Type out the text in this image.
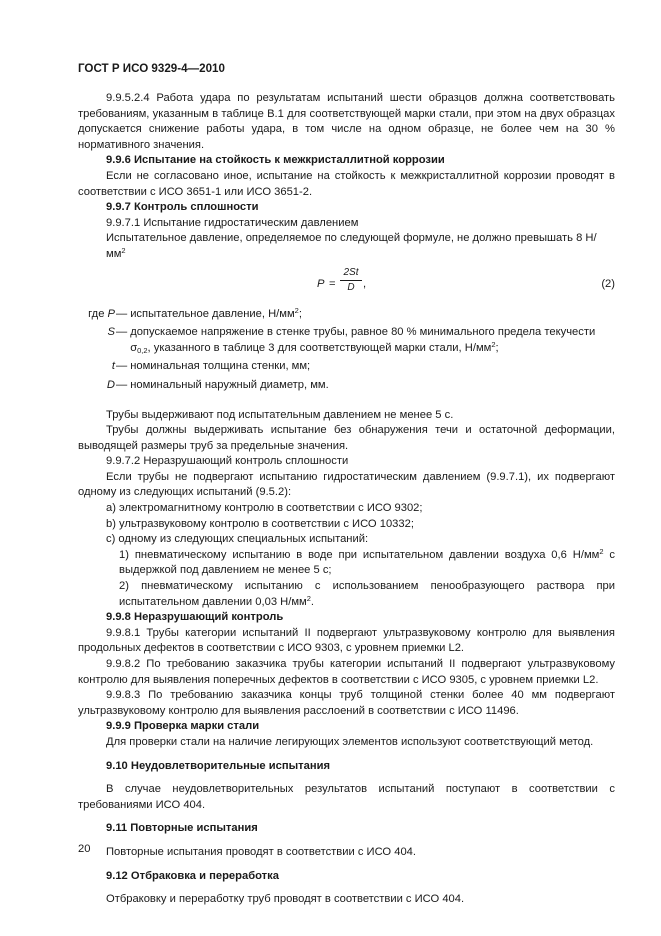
ГОСТ Р ИСО 9329-4—2010

9.9.5.2.4 Работа удара по результатам испытаний шести образцов должна соответствовать требованиям, указанным в таблице В.1 для соответствующей марки стали, при этом на двух образцах допускается снижение работы удара, в том числе на одном образце, не более чем на 30 % нормативного значения.

9.9.6 Испытание на стойкость к межкристаллитной коррозии

Если не согласовано иное, испытание на стойкость к межкристаллитной коррозии проводят в соответствии с ИСО 3651-1 или ИСО 3651-2.

9.9.7 Контроль сплошности

9.9.7.1 Испытание гидростатическим давлением

Испытательное давление, определяемое по следующей формуле, не должно превышать 8 $Н/мм^2$

$P = \frac{2St}{D}$ ,	(2)
где P — испытательное давление, $Н/мм^2$;
S — допускаемое напряжение в стенке трубы, равное 80 % минимального предела текучести $\sigma_{0,2}$, указанного в таблице 3 для соответствующей марки стали, $Н/мм^2$;
t — номинальная толщина стенки, мм;
D — номинальный наружный диаметр, мм.

Трубы выдерживают под испытательным давлением не менее 5 с.

Трубы должны выдерживать испытание без обнаружения течи и остаточной деформации, выводящей размеры труб за предельные значения.

9.9.7.2 Неразрушающий контроль сплошности

Если трубы не подвергают испытанию гидростатическим давлением (9.9.7.1), их подвергают одному из следующих испытаний (9.5.2):

a) электромагнитному контролю в соответствии с ИСО 9302;

b) ультразвуковому контролю в соответствии с ИСО 10332;

c) одному из следующих специальных испытаний:

1) пневматическому испытанию в воде при испытательном давлении воздуха 0,6 $Н/мм^2$ с выдержкой под давлением не менее 5 с;

2) пневматическому испытанию с использованием пенообразующего раствора при испытательном давлении 0,03 $Н/мм^2$.

9.9.8 Неразрушающий контроль

9.9.8.1 Трубы категории испытаний II подвергают ультразвуковому контролю для выявления продольных дефектов в соответствии с ИСО 9303, с уровнем приемки L2.

9.9.8.2 По требованию заказчика трубы категории испытаний II подвергают ультразвуковому контролю для выявления поперечных дефектов в соответствии с ИСО 9305, с уровнем приемки L2.

9.9.8.3 По требованию заказчика концы труб толщиной стенки более 40 мм подвергают ультразвуковому контролю для выявления расслоений в соответствии с ИСО 11496.

9.9.9 Проверка марки стали

Для проверки стали на наличие легирующих элементов используют соответствующий метод.

9.10 Неудовлетворительные испытания

В случае неудовлетворительных результатов испытаний поступают в соответствии с требованиями ИСО 404.

9.11 Повторные испытания

Повторные испытания проводят в соответствии с ИСО 404.

9.12 Отбраковка и переработка

Отбраковку и переработку труб проводят в соответствии с ИСО 404.

20
